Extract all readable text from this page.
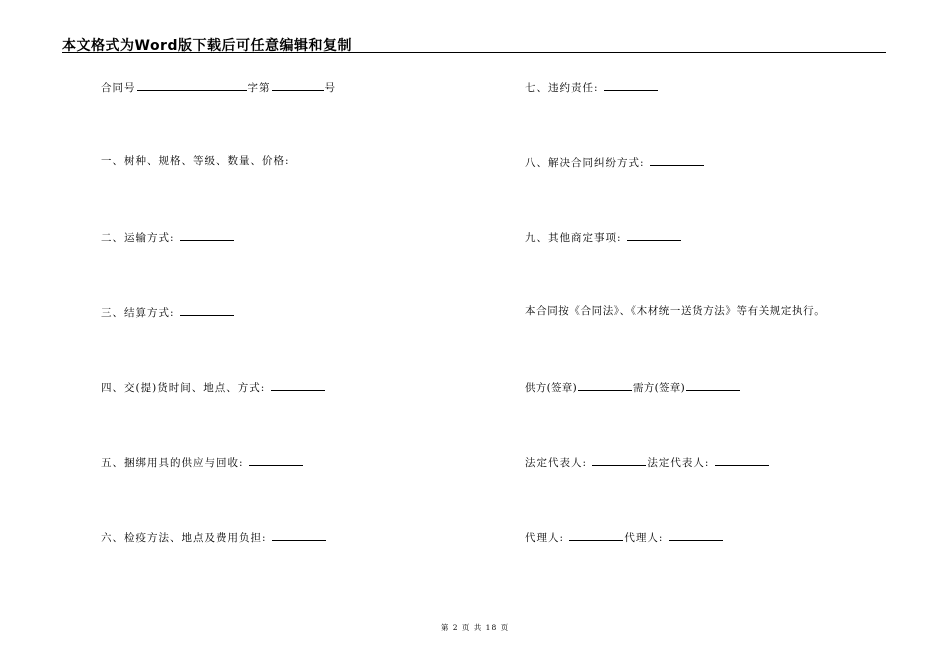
本文格式为Word版下载后可任意编辑和复制
合同号	字第	号
一、树种、规格、等级、数量、价格:
二、运输方式:
三、结算方式:
四、交(提)货时间、地点、方式:
五、捆绑用具的供应与回收:
六、检疫方法、地点及费用负担:
七、违约责任:
八、解决合同纠纷方式:
九、其他商定事项:
本合同按《合同法》、《木材统一送货方法》等有关规定执行。
供方(签章)	需方(签章)
法定代表人:	法定代表人:
代理人:	代理人:
第 2 页 共 18 页
